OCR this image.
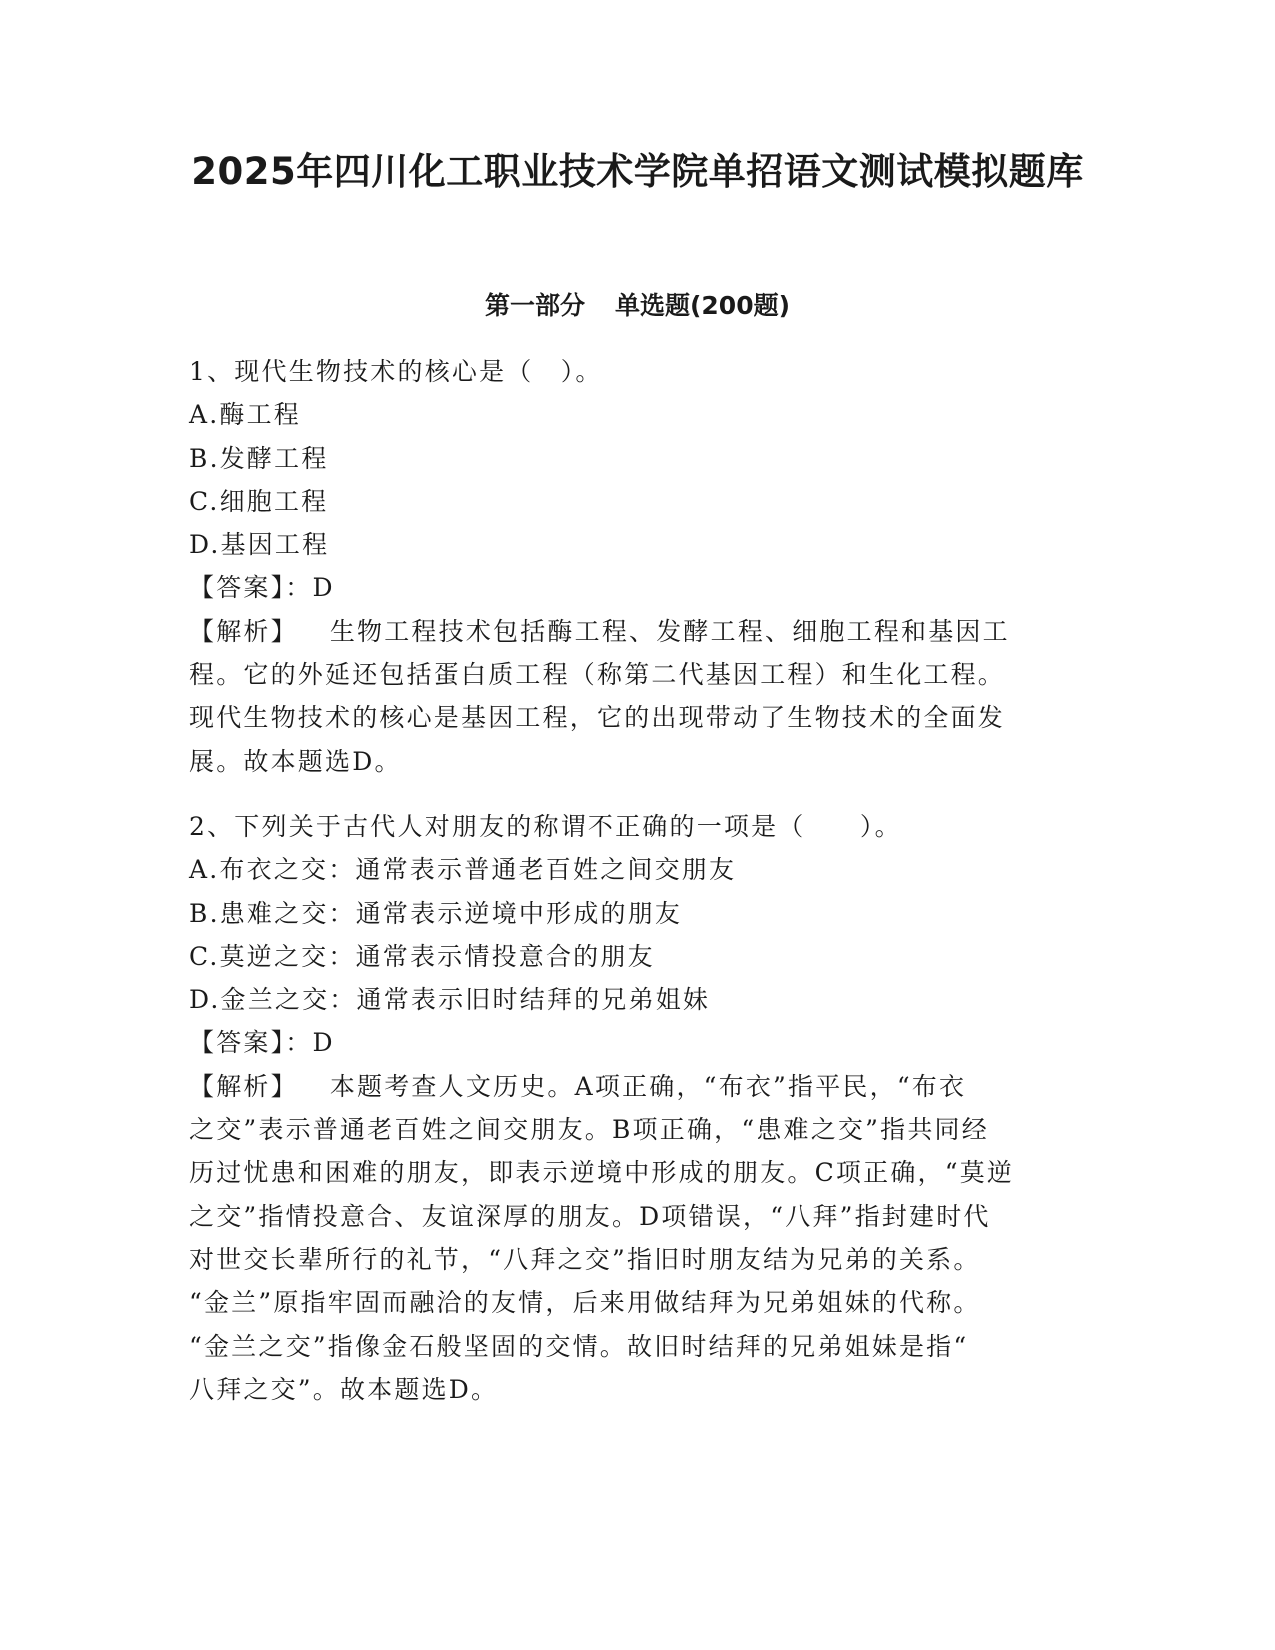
2025年四川化工职业技术学院单招语文测试模拟题库
第一部分 单选题(200题)
1、现代生物技术的核心是（　）。
A.酶工程
B.发酵工程
C.细胞工程
D.基因工程
【答案】：D
【解析】 生物工程技术包括酶工程、发酵工程、细胞工程和基因工
程。它的外延还包括蛋白质工程（称第二代基因工程）和生化工程。
现代生物技术的核心是基因工程，它的出现带动了生物技术的全面发
展。故本题选D。
2、下列关于古代人对朋友的称谓不正确的一项是（　　）。
A.布衣之交：通常表示普通老百姓之间交朋友
B.患难之交：通常表示逆境中形成的朋友
C.莫逆之交：通常表示情投意合的朋友
D.金兰之交：通常表示旧时结拜的兄弟姐妹
【答案】：D
【解析】 本题考查人文历史。A项正确，“布衣”指平民，“布衣
之交”表示普通老百姓之间交朋友。B项正确，“患难之交”指共同经
历过忧患和困难的朋友，即表示逆境中形成的朋友。C项正确，“莫逆
之交”指情投意合、友谊深厚的朋友。D项错误，“八拜”指封建时代
对世交长辈所行的礼节，“八拜之交”指旧时朋友结为兄弟的关系。
“金兰”原指牢固而融洽的友情，后来用做结拜为兄弟姐妹的代称。
“金兰之交”指像金石般坚固的交情。故旧时结拜的兄弟姐妹是指“
八拜之交”。故本题选D。
